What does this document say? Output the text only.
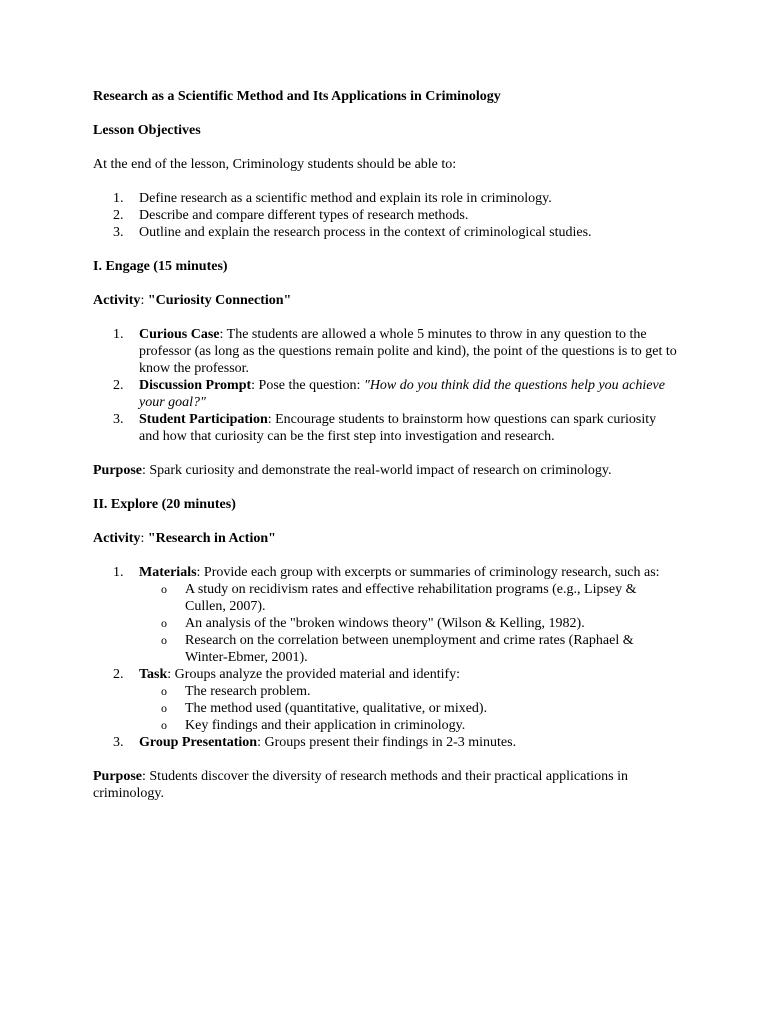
Research as a Scientific Method and Its Applications in Criminology

Lesson Objectives

At the end of the lesson, Criminology students should be able to:

1.	Define research as a scientific method and explain its role in criminology.
2.	Describe and compare different types of research methods.
3.	Outline and explain the research process in the context of criminological studies.

I. Engage (15 minutes)

Activity: "Curiosity Connection"

1.	Curious Case: The students are allowed a whole 5 minutes to throw in any question to the professor (as long as the questions remain polite and kind), the point of the questions is to get to know the professor.
2.	Discussion Prompt: Pose the question: "How do you think did the questions help you achieve your goal?"
3.	Student Participation: Encourage students to brainstorm how questions can spark curiosity and how that curiosity can be the first step into investigation and research.

Purpose: Spark curiosity and demonstrate the real-world impact of research on criminology.

II. Explore (20 minutes)

Activity: "Research in Action"

1.	Materials: Provide each group with excerpts or summaries of criminology research, such as:
o A study on recidivism rates and effective rehabilitation programs (e.g., Lipsey & Cullen, 2007).
o An analysis of the "broken windows theory" (Wilson & Kelling, 1982).
o Research on the correlation between unemployment and crime rates (Raphael & Winter-Ebmer, 2001).
2.	Task: Groups analyze the provided material and identify:
o The research problem.
o The method used (quantitative, qualitative, or mixed).
o Key findings and their application in criminology.
3.	Group Presentation: Groups present their findings in 2-3 minutes.

Purpose: Students discover the diversity of research methods and their practical applications in criminology.
